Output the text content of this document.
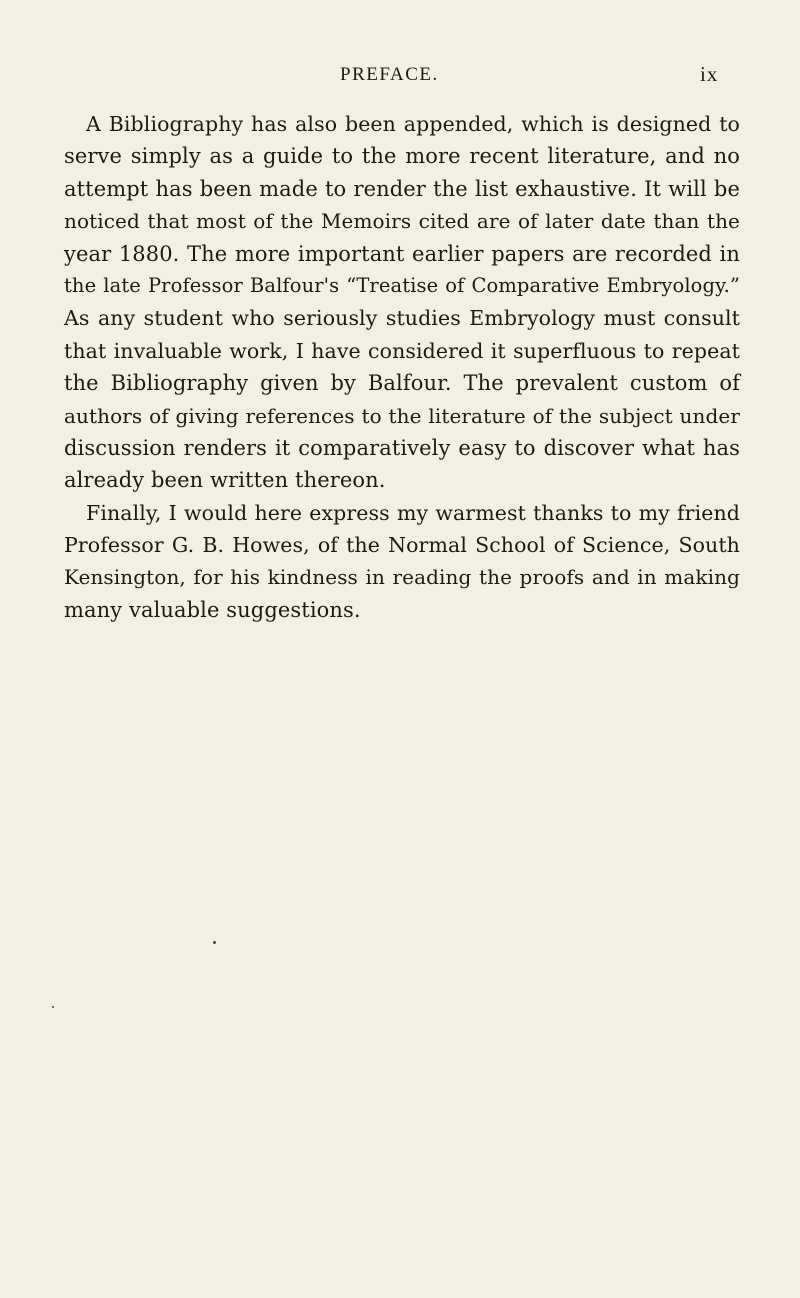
PREFACE.	ix
A Bibliography has also been appended, which is designed to
serve simply as a guide to the more recent literature, and no
attempt has been made to render the list exhaustive. It will be
noticed that most of the Memoirs cited are of later date than the
year 1880. The more important earlier papers are recorded in
the late Professor Balfour's “Treatise of Comparative Embryology.”
As any student who seriously studies Embryology must consult
that invaluable work, I have considered it superfluous to repeat
the Bibliography given by Balfour. The prevalent custom of
authors of giving references to the literature of the subject under
discussion renders it comparatively easy to discover what has
already been written thereon.
Finally, I would here express my warmest thanks to my friend
Professor G. B. Howes, of the Normal School of Science, South
Kensington, for his kindness in reading the proofs and in making
many valuable suggestions.
